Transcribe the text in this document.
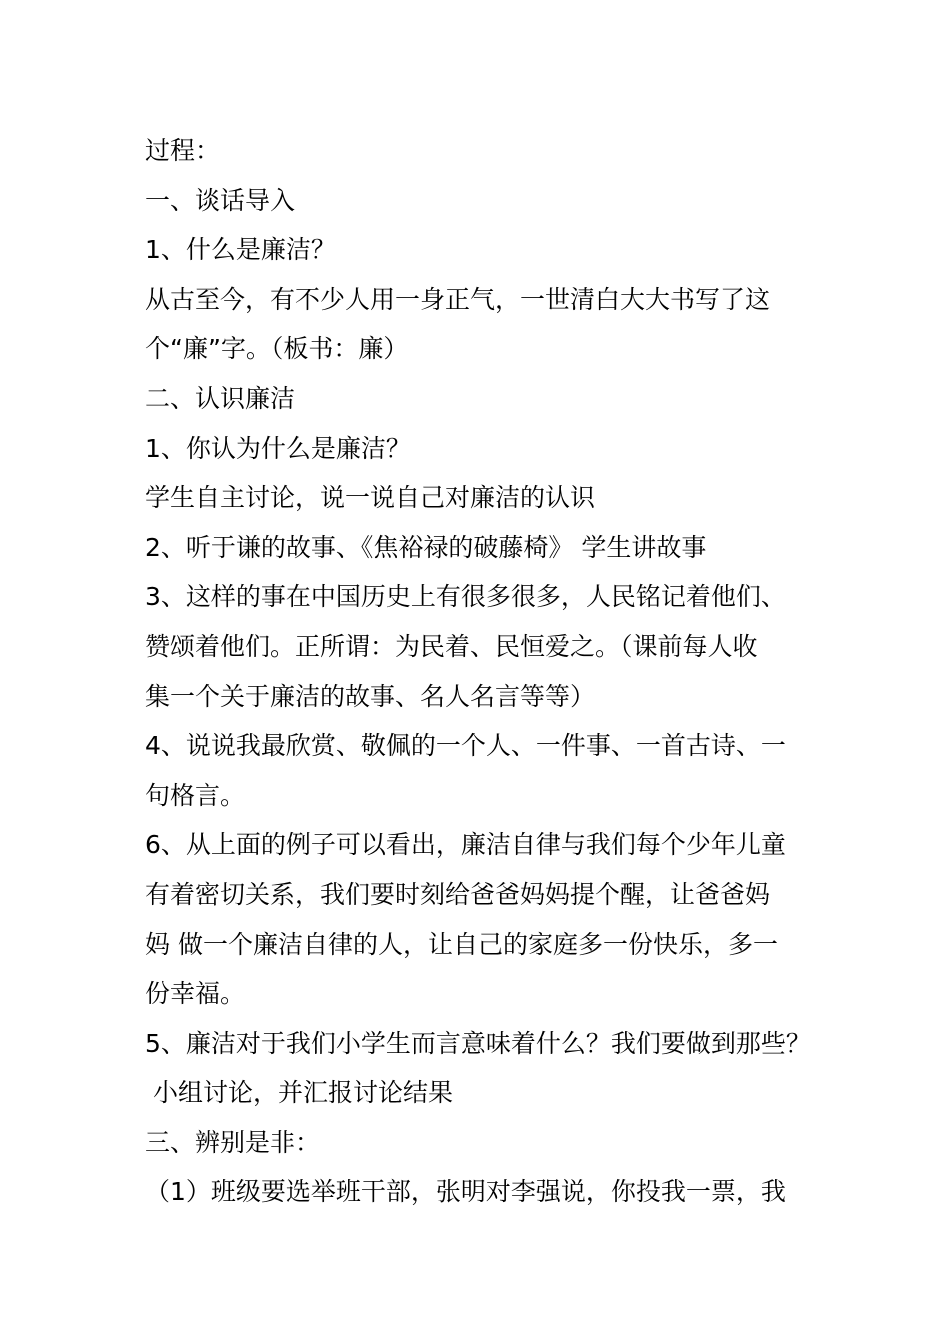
过程：
一、谈话导入
1、什么是廉洁？
从古至今，有不少人用一身正气，一世清白大大书写了这
个“廉”字。（板书：廉）
二、认识廉洁
1、你认为什么是廉洁？
学生自主讨论，说一说自己对廉洁的认识
2、听于谦的故事、《焦裕禄的破藤椅》 学生讲故事
3、这样的事在中国历史上有很多很多，人民铭记着他们、
赞颂着他们。正所谓：为民着、民恒爱之。（课前每人收
集一个关于廉洁的故事、名人名言等等）
4、说说我最欣赏、敬佩的一个人、一件事、一首古诗、一
句格言。
6、从上面的例子可以看出，廉洁自律与我们每个少年儿童
有着密切关系，我们要时刻给爸爸妈妈提个醒，让爸爸妈
妈 做一个廉洁自律的人，让自己的家庭多一份快乐，多一
份幸福。
5、廉洁对于我们小学生而言意味着什么？我们要做到那些？
小组讨论，并汇报讨论结果
三、辨别是非：
（1）班级要选举班干部，张明对李强说，你投我一票，我
